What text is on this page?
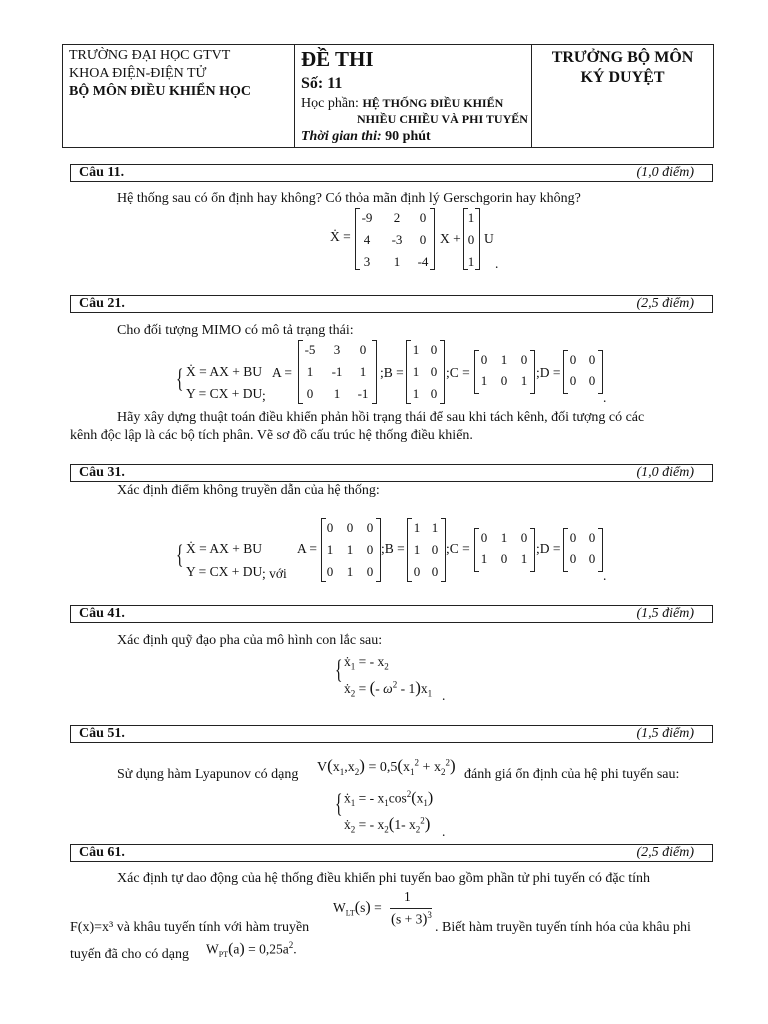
TRƯỜNG ĐẠI HỌC GTVT
KHOA ĐIỆN-ĐIỆN TỬ
BỘ MÔN ĐIỀU KHIỂN HỌC
ĐỀ THI
Số: 11
Học phần: HỆ THỐNG ĐIỀU KHIỂN
NHIỀU CHIỀU VÀ PHI TUYẾN
Thời gian thi: 90 phút
TRƯỞNG BỘ MÔN
KÝ DUYỆT
Câu 11.	(1,0 điểm)
Hệ thống sau có ổn định hay không? Có thỏa mãn định lý Gerschgorin hay không?
Ẋ =
-9	2	0
4	-3	0
3	1	-4
X +
1
0
1
U
.
Câu 21.	(2,5 điểm)
Cho đối tượng MIMO có mô tả trạng thái:
{ Ẋ = AX + BU
Y = CX + DU ;
A =
-5	3	0
1	-1	1
0	1	-1
;B =
1 0
1 0
1 0
;C =
0	1	0
1	0	1
;D =
0 0
0 0
.
Hãy xây dựng thuật toán điều khiển phản hồi trạng thái để sau khi tách kênh, đối tượng có các
kênh độc lập là các bộ tích phân. Vẽ sơ đồ cấu trúc hệ thống điều khiển.
Câu 31.	(1,0 điểm)
Xác định điểm không truyền dẫn của hệ thống:
{ Ẋ = AX + BU
Y = CX + DU ; với
A =
0	0	0
1	1	0
0	1	0
;B =
1 1
1 0
0 0
;C =
0	1	0
1	0	1
;D =
0 0
0 0
.
Câu 41.	(1,5 điểm)
Xác định quỹ đạo pha của mô hình con lắc sau:
{ $ẋ_1$ = - $x_2$
$ẋ_2$ = (- $\omega^2 - 1)x_1$ .
Câu 51.	(1,5 điểm)
Sử dụng hàm Lyapunov có dạng $V(x_1,x_2) = 0,5(x_1^2 + x_2^2)$ đánh giá ổn định của hệ phi tuyến sau:
{ $ẋ_1$ = - $x_1\cos^2(x_1)$
$ẋ_2$ = - $x_2(1-$ $x_2^2$) .
Câu 61.	(2,5 điểm)
Xác định tự dao động của hệ thống điều khiển phi tuyến bao gồm phần tử phi tuyến có đặc tính
F(x)=x³ và khâu tuyến tính với hàm truyền
$W_{LT}(s)$ =
1
$(s + 3)^3$
. Biết hàm truyền tuyến tính hóa của khâu phi
tuyến đã cho có dạng $W_{PT}(a) = 0,25a^2$.
